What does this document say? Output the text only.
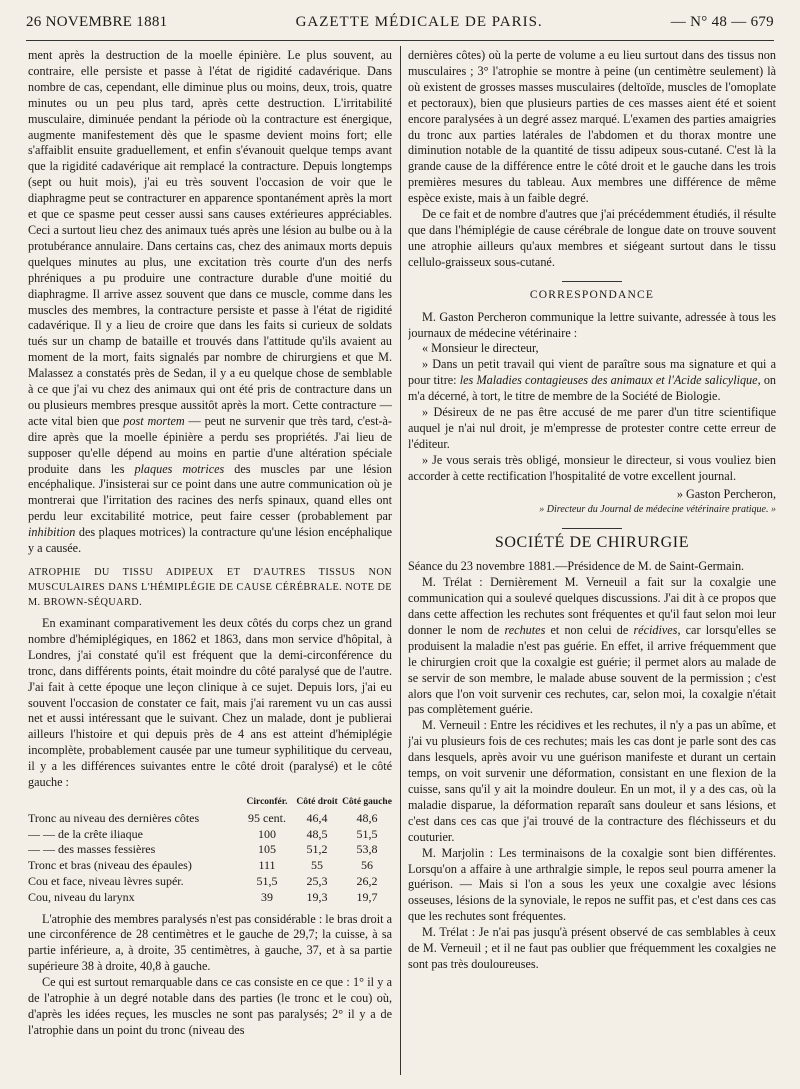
26 NOVEMBRE 1881	GAZETTE MÉDICALE DE PARIS.	— N° 48 — 679

ment après la destruction de la moelle épinière. Le plus souvent, au contraire, elle persiste et passe à l'état de rigidité cadavérique. Dans nombre de cas, cependant, elle diminue plus ou moins, deux, trois, quatre minutes ou un peu plus tard, après cette destruction. L'irritabilité musculaire, diminuée pendant la période où la contracture est énergique, augmente manifestement dès que le spasme devient moins fort; elle s'affaiblit ensuite graduellement, et enfin s'évanouit quelque temps avant que la rigidité cadavérique ait remplacé la contracture. Depuis longtemps (sept ou huit mois), j'ai eu très souvent l'occasion de voir que le diaphragme peut se contracturer en apparence spontanément après la mort et que ce spasme peut cesser aussi sans causes extérieures appréciables. Ceci a surtout lieu chez des animaux tués après une lésion au bulbe ou à la protubérance annulaire. Dans certains cas, chez des animaux morts depuis quelques minutes au plus, une excitation très courte d'un des nerfs phréniques a pu produire une contracture durable d'une moitié du diaphragme. Il arrive assez souvent que dans ce muscle, comme dans les muscles des membres, la contracture persiste et passe à l'état de rigidité cadavérique. Il y a lieu de croire que dans les faits si curieux de soldats tués sur un champ de bataille et trouvés dans l'attitude qu'ils avaient au moment de la mort, faits signalés par nombre de chirurgiens et que M. Malassez a constatés près de Sedan, il y a eu quelque chose de semblable à ce que j'ai vu chez des animaux qui ont été pris de contracture dans un ou plusieurs membres presque aussitôt après la mort. Cette contracture — acte vital bien que post mortem — peut ne survenir que très tard, c'est-à-dire après que la moelle épinière a perdu ses propriétés. J'ai lieu de supposer qu'elle dépend au moins en partie d'une altération spéciale produite dans les plaques motrices des muscles par une lésion encéphalique. J'insisterai sur ce point dans une autre communication où je montrerai que l'irritation des racines des nerfs spinaux, quand elles ont perdu leur excitabilité motrice, peut faire cesser (probablement par inhibition des plaques motrices) la contracture qu'une lésion encéphalique y a causée.

ATROPHIE DU TISSU ADIPEUX ET D'AUTRES TISSUS NON MUSCULAIRES DANS L'HÉMIPLÉGIE DE CAUSE CÉRÉBRALE. NOTE DE M. BROWN-SÉQUARD.

En examinant comparativement les deux côtés du corps chez un grand nombre d'hémiplégiques, en 1862 et 1863, dans mon service d'hôpital, à Londres, j'ai constaté qu'il est fréquent que la demi-circonférence du tronc, dans différents points, était moindre du côté paralysé que de l'autre. J'ai fait à cette époque une leçon clinique à ce sujet. Depuis lors, j'ai eu souvent l'occasion de constater ce fait, mais j'ai rarement vu un cas aussi net et aussi intéressant que le suivant. Chez un malade, dont je publierai ailleurs l'histoire et qui depuis près de 4 ans est atteint d'hémiplégie incomplète, probablement causée par une tumeur syphilitique du cerveau, il y a les différences suivantes entre le côté droit (paralysé) et le côté gauche :

	Circonfér.	Côté droit	Côté gauche
Tronc au niveau des dernières côtes	95 cent.	46,4	48,6
— — de la crête iliaque	100	48,5	51,5
— — des masses fessières	105	51,2	53,8
Tronc et bras (niveau des épaules)	111	55	56
Cou et face, niveau lèvres supér.	51,5	25,3	26,2
Cou, niveau du larynx	39	19,3	19,7

L'atrophie des membres paralysés n'est pas considérable : le bras droit a une circonférence de 28 centimètres et le gauche de 29,7; la cuisse, à sa partie inférieure, a, à droite, 35 centimètres, à gauche, 37, et à sa partie supérieure 38 à droite, 40,8 à gauche.

Ce qui est surtout remarquable dans ce cas consiste en ce que : 1° il y a de l'atrophie à un degré notable dans des parties (le tronc et le cou) où, d'après les idées reçues, les muscles ne sont pas paralysés; 2° il y a de l'atrophie dans un point du tronc (niveau des

dernières côtes) où la perte de volume a eu lieu surtout dans des tissus non musculaires ; 3° l'atrophie se montre à peine (un centimètre seulement) là où existent de grosses masses musculaires (deltoïde, muscles de l'omoplate et pectoraux), bien que plusieurs parties de ces masses aient été et soient encore paralysées à un degré assez marqué. L'examen des parties amaigries du tronc aux parties latérales de l'abdomen et du thorax montre une diminution notable de la quantité de tissu adipeux sous-cutané. C'est là la grande cause de la différence entre le côté droit et le gauche dans les trois premières mesures du tableau. Aux membres une différence de même espèce existe, mais à un faible degré.

De ce fait et de nombre d'autres que j'ai précédemment étudiés, il résulte que dans l'hémiplégie de cause cérébrale de longue date on trouve souvent une atrophie ailleurs qu'aux membres et siégeant surtout dans le tissu cellulo-graisseux sous-cutané.

CORRESPONDANCE

M. Gaston Percheron communique la lettre suivante, adressée à tous les journaux de médecine vétérinaire :

« Monsieur le directeur,

» Dans un petit travail qui vient de paraître sous ma signature et qui a pour titre: les Maladies contagieuses des animaux et l'Acide salicylique, on m'a décerné, à tort, le titre de membre de la Société de Biologie.

» Désireux de ne pas être accusé de me parer d'un titre scientifique auquel je n'ai nul droit, je m'empresse de protester contre cette erreur de l'éditeur.

» Je vous serais très obligé, monsieur le directeur, si vous vouliez bien accorder à cette rectification l'hospitalité de votre excellent journal.

» Gaston Percheron,

» Directeur du Journal de médecine vétérinaire pratique. »

SOCIÉTÉ DE CHIRURGIE

Séance du 23 novembre 1881.—Présidence de M. de Saint-Germain.

M. Trélat : Dernièrement M. Verneuil a fait sur la coxalgie une communication qui a soulevé quelques discussions. J'ai dit à ce propos que dans cette affection les rechutes sont fréquentes et qu'il faut selon moi leur donner le nom de rechutes et non celui de récidives, car lorsqu'elles se produisent la maladie n'est pas guérie. En effet, il arrive fréquemment que le chirurgien croit que la coxalgie est guérie; il permet alors au malade de se servir de son membre, le malade abuse souvent de la permission ; c'est alors que l'on voit survenir ces rechutes, car, selon moi, la coxalgie n'était pas complètement guérie.

M. Verneuil : Entre les récidives et les rechutes, il n'y a pas un abîme, et j'ai vu plusieurs fois de ces rechutes; mais les cas dont je parle sont des cas dans lesquels, après avoir vu une guérison manifeste et durant un certain temps, on voit survenir une déformation, consistant en une flexion de la cuisse, sans qu'il y ait la moindre douleur. En un mot, il y a des cas, où la maladie disparue, la déformation reparaît sans douleur et sans lésions, et c'est dans ces cas que j'ai trouvé de la contracture des fléchisseurs et du couturier.

M. Marjolin : Les terminaisons de la coxalgie sont bien différentes. Lorsqu'on a affaire à une arthralgie simple, le repos seul pourra amener la guérison. — Mais si l'on a sous les yeux une coxalgie avec lésions osseuses, lésions de la synoviale, le repos ne suffit pas, et c'est dans ces cas que les rechutes sont fréquentes.

M. Trélat : Je n'ai pas jusqu'à présent observé de cas semblables à ceux de M. Verneuil ; et il ne faut pas oublier que fréquemment les coxalgies ne sont pas très douloureuses.
